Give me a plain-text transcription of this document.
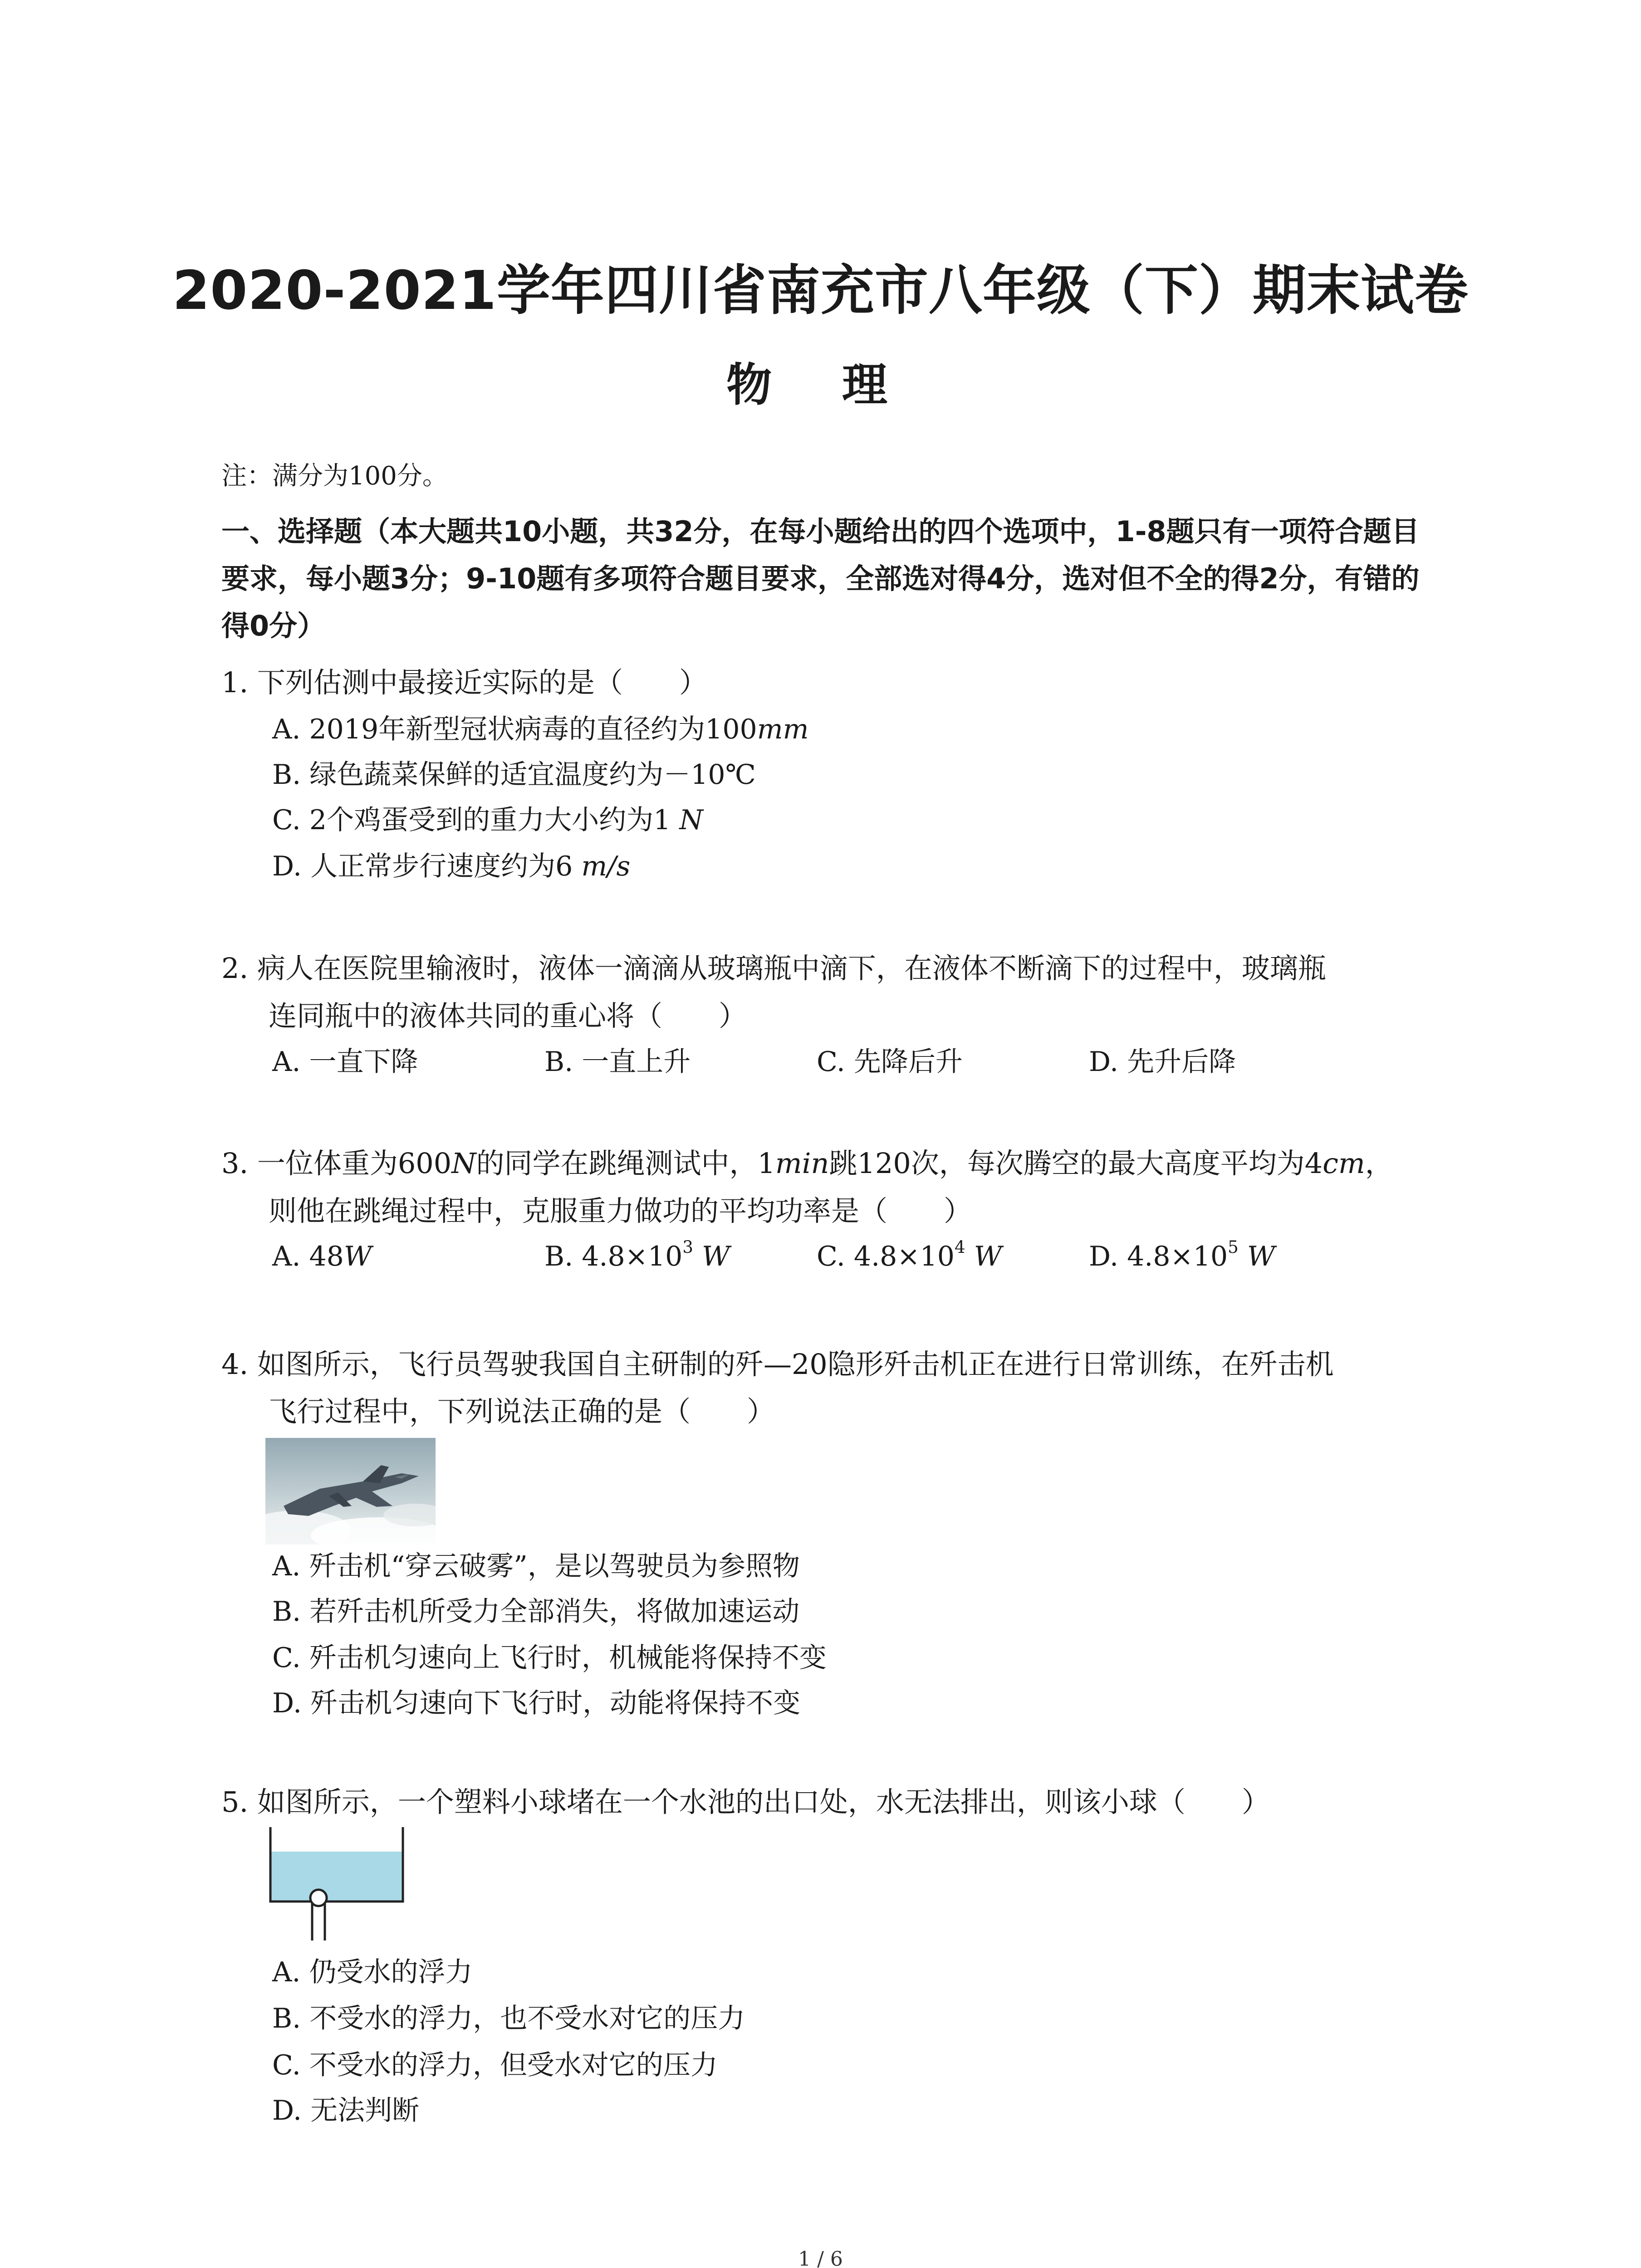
2020-2021学年四川省南充市八年级（下）期末试卷
物 理
注：满分为100分。
一、选择题（本大题共10小题，共32分，在每小题给出的四个选项中，1-8题只有一项符合题目要求，每小题3分；9-10题有多项符合题目要求，全部选对得4分，选对但不全的得2分，有错的得0分）
1. 下列估测中最接近实际的是（　　）
A. 2019年新型冠状病毒的直径约为100mm
B. 绿色蔬菜保鲜的适宜温度约为－10℃
C. 2个鸡蛋受到的重力大小约为1 N
D. 人正常步行速度约为6 m/s
2. 病人在医院里输液时，液体一滴滴从玻璃瓶中滴下，在液体不断滴下的过程中，玻璃瓶
连同瓶中的液体共同的重心将（　　）
A. 一直下降	B. 一直上升	C. 先降后升	D. 先升后降
3. 一位体重为600N的同学在跳绳测试中，1min跳120次，每次腾空的最大高度平均为4cm，
则他在跳绳过程中，克服重力做功的平均功率是（　　）
A. 48W	B. $4.8\times 10^3$ W	C. $4.8\times 10^4$ W	D. $4.8\times 10^5$ W
4. 如图所示，飞行员驾驶我国自主研制的歼—20隐形歼击机正在进行日常训练，在歼击机
飞行过程中，下列说法正确的是（　　）
A. 歼击机“穿云破雾”，是以驾驶员为参照物
B. 若歼击机所受力全部消失，将做加速运动
C. 歼击机匀速向上飞行时，机械能将保持不变
D. 歼击机匀速向下飞行时，动能将保持不变
5. 如图所示，一个塑料小球堵在一个水池的出口处，水无法排出，则该小球（　　）
A. 仍受水的浮力
B. 不受水的浮力，也不受水对它的压力
C. 不受水的浮力，但受水对它的压力
D. 无法判断
1 / 6
